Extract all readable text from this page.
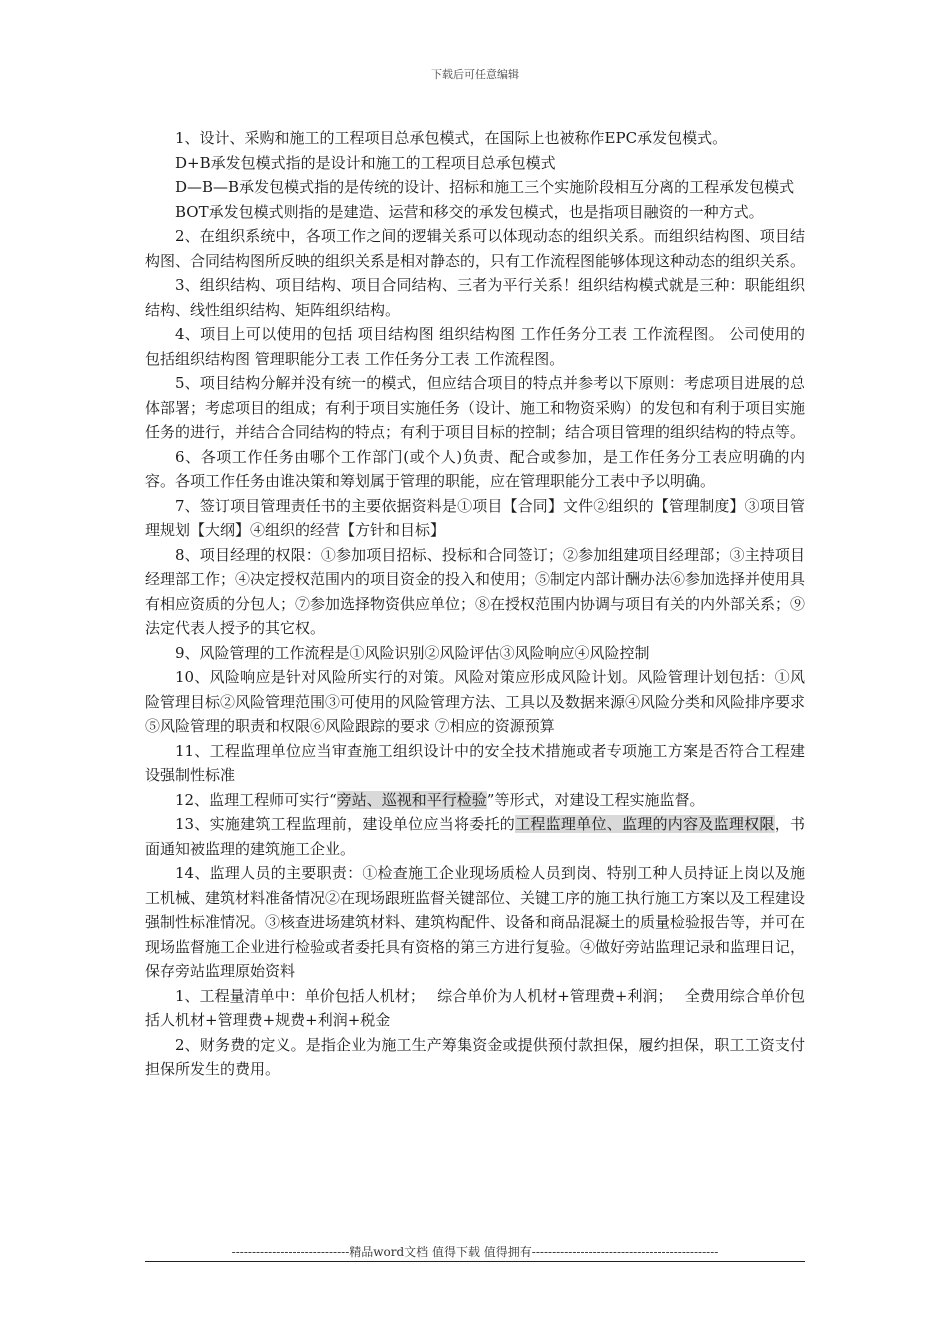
下载后可任意编辑

1、设计、采购和施工的工程项目总承包模式，在国际上也被称作EPC承发包模式。

D+B承发包模式指的是设计和施工的工程项目总承包模式

D—B—B承发包模式指的是传统的设计、招标和施工三个实施阶段相互分离的工程承发包模式

BOT承发包模式则指的是建造、运营和移交的承发包模式，也是指项目融资的一种方式。

2、在组织系统中，各项工作之间的逻辑关系可以体现动态的组织关系。而组织结构图、项目结构图、合同结构图所反映的组织关系是相对静态的，只有工作流程图能够体现这种动态的组织关系。

3、组织结构、项目结构、项目合同结构、三者为平行关系！组织结构模式就是三种：职能组织结构、线性组织结构、矩阵组织结构。

4、项目上可以使用的包括 项目结构图 组织结构图 工作任务分工表 工作流程图。 公司使用的包括组织结构图 管理职能分工表 工作任务分工表 工作流程图。

5、项目结构分解并没有统一的模式，但应结合项目的特点并参考以下原则：考虑项目进展的总体部署；考虑项目的组成；有利于项目实施任务（设计、施工和物资采购）的发包和有利于项目实施任务的进行，并结合合同结构的特点；有利于项目目标的控制；结合项目管理的组织结构的特点等。

6、各项工作任务由哪个工作部门(或个人)负责、配合或参加，是工作任务分工表应明确的内容。各项工作任务由谁决策和筹划属于管理的职能，应在管理职能分工表中予以明确。

7、签订项目管理责任书的主要依据资料是①项目【合同】文件②组织的【管理制度】③项目管理规划【大纲】④组织的经营【方针和目标】

8、项目经理的权限：①参加项目招标、投标和合同签订；②参加组建项目经理部；③主持项目经理部工作；④决定授权范围内的项目资金的投入和使用；⑤制定内部计酬办法⑥参加选择并使用具有相应资质的分包人；⑦参加选择物资供应单位；⑧在授权范围内协调与项目有关的内外部关系；⑨法定代表人授予的其它权。

9、风险管理的工作流程是①风险识别②风险评估③风险响应④风险控制

10、风险响应是针对风险所实行的对策。风险对策应形成风险计划。风险管理计划包括：①风险管理目标②风险管理范围③可使用的风险管理方法、工具以及数据来源④风险分类和风险排序要求⑤风险管理的职责和权限⑥风险跟踪的要求 ⑦相应的资源预算

11、工程监理单位应当审查施工组织设计中的安全技术措施或者专项施工方案是否符合工程建设强制性标准

12、监理工程师可实行“旁站、巡视和平行检验”等形式，对建设工程实施监督。

13、实施建筑工程监理前，建设单位应当将委托的工程监理单位、监理的内容及监理权限，书面通知被监理的建筑施工企业。

14、监理人员的主要职责：①检查施工企业现场质检人员到岗、特别工种人员持证上岗以及施工机械、建筑材料准备情况②在现场跟班监督关键部位、关键工序的施工执行施工方案以及工程建设强制性标准情况。③核查进场建筑材料、建筑构配件、设备和商品混凝土的质量检验报告等，并可在现场监督施工企业进行检验或者委托具有资格的第三方进行复验。④做好旁站监理记录和监理日记，保存旁站监理原始资料

1、工程量清单中：单价包括人机材；　 综合单价为人机材+管理费+利润；　 全费用综合单价包括人机材+管理费+规费+利润+税金

2、财务费的定义。是指企业为施工生产筹集资金或提供预付款担保，履约担保，职工工资支付担保所发生的费用。

-----------------------------精品word文档 值得下载 值得拥有----------------------------------------------
